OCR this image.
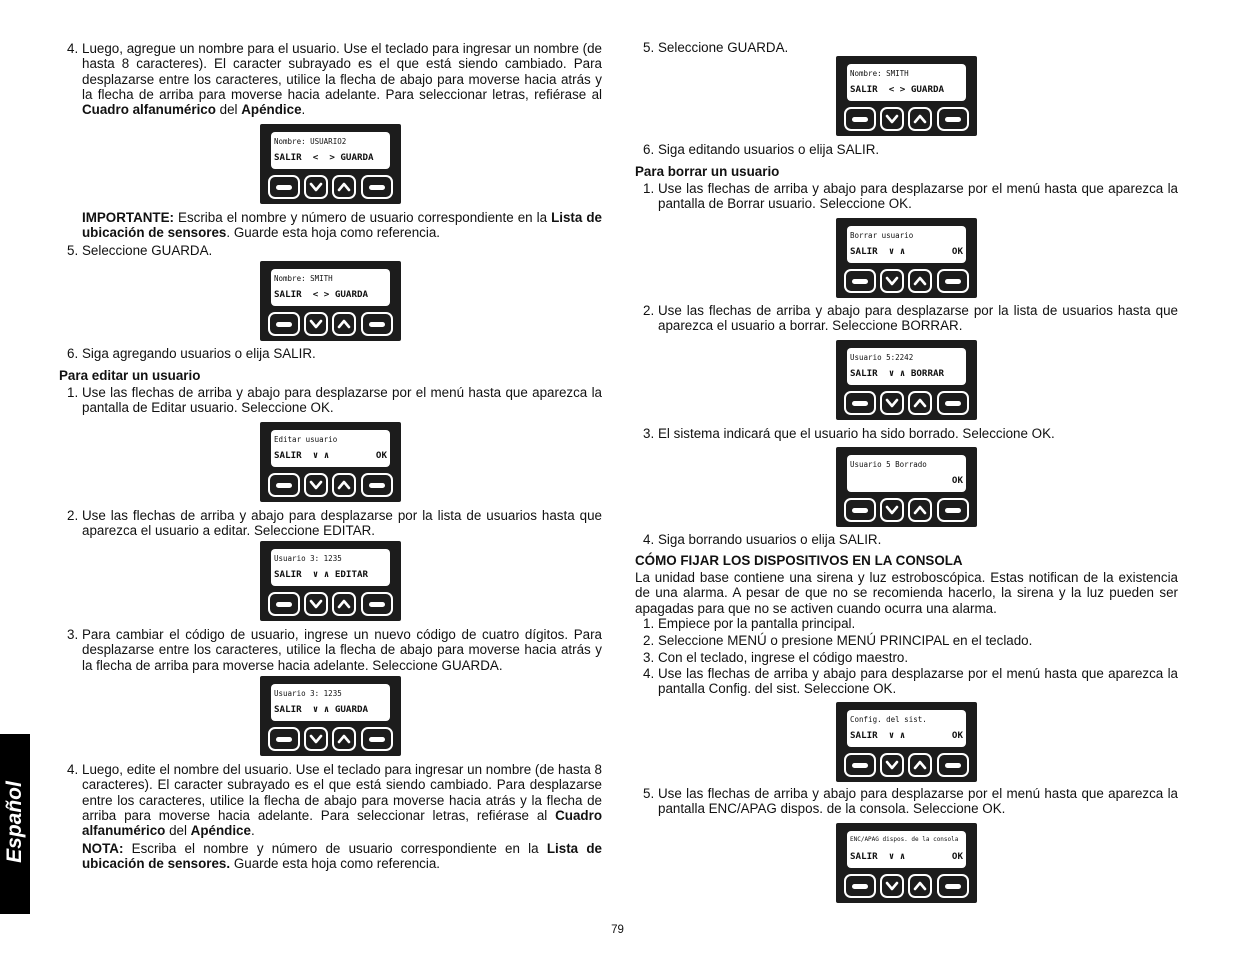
4. Luego, agregue un nombre para el usuario. Use el teclado para ingresar un nombre (de hasta 8 caracteres). El caracter subrayado es el que está siendo cambiado. Para desplazarse entre los caracteres, utilice la flecha de abajo para moverse hacia atrás y la flecha de arriba para moverse hacia adelante. Para seleccionar letras, refiérase al Cuadro alfanumérico del Apéndice.

Nombre: USUARIO2
SALIR  <  > GUARDA

IMPORTANTE: Escriba el nombre y número de usuario correspondiente en la Lista de ubicación de sensores. Guarde esta hoja como referencia.

5. Seleccione GUARDA.

Nombre: SMITH
SALIR  < > GUARDA
6. Siga agregando usuarios o elija SALIR.

Para editar un usuario
1. Use las flechas de arriba y abajo para desplazarse por el menú hasta que aparezca la pantalla de Editar usuario. Seleccione OK.

Editar usuario
SALIR  ∨ ∧	OK
2. Use las flechas de arriba y abajo para desplazarse por la lista de usuarios hasta que aparezca el usuario a editar. Seleccione EDITAR.

Usuario 3: 1235
SALIR  ∨ ∧ EDITAR
3. Para cambiar el código de usuario, ingrese un nuevo código de cuatro dígitos. Para desplazarse entre los caracteres, utilice la flecha de abajo para moverse hacia atrás y la flecha de arriba para moverse hacia adelante. Seleccione GUARDA.

Usuario 3: 1235
SALIR  ∨ ∧ GUARDA
4. Luego, edite el nombre del usuario. Use el teclado para ingresar un nombre (de hasta 8 caracteres). El caracter subrayado es el que está siendo cambiado. Para desplazarse entre los caracteres, utilice la flecha de abajo para moverse hacia atrás y la flecha de arriba para moverse hacia adelante. Para seleccionar letras, refiérase al Cuadro alfanumérico del Apéndice.

NOTA: Escriba el nombre y número de usuario correspondiente en la Lista de ubicación de sensores. Guarde esta hoja como referencia.

5. Seleccione GUARDA.

Nombre: SMITH
SALIR  < > GUARDA
6. Siga editando usuarios o elija SALIR.

Para borrar un usuario
1. Use las flechas de arriba y abajo para desplazarse por el menú hasta que aparezca la pantalla de Borrar usuario. Seleccione OK.

Borrar usuario
SALIR  ∨ ∧	OK
2. Use las flechas de arriba y abajo para desplazarse por la lista de usuarios hasta que aparezca el usuario a borrar. Seleccione BORRAR.

Usuario 5:2242
SALIR  ∨ ∧ BORRAR
3. El sistema indicará que el usuario ha sido borrado. Seleccione OK.

Usuario 5 Borrado
OK
4. Siga borrando usuarios o elija SALIR.

CÓMO FIJAR LOS DISPOSITIVOS EN LA CONSOLA

La unidad base contiene una sirena y luz estroboscópica. Estas notifican de la existencia de una alarma. A pesar de que no se recomienda hacerlo, la sirena y la luz pueden ser apagadas para que no se activen cuando ocurra una alarma.

1. Empiece por la pantalla principal.

2. Seleccione MENÚ o presione MENÚ PRINCIPAL en el teclado.

3. Con el teclado, ingrese el código maestro.

4. Use las flechas de arriba y abajo para desplazarse por el menú hasta que aparezca la pantalla Config. del sist. Seleccione OK.

Config. del sist.
SALIR  ∨ ∧	OK
5. Use las flechas de arriba y abajo para desplazarse por el menú hasta que aparezca la pantalla ENC/APAG dispos. de la consola. Seleccione OK.

ENC/APAG dispos. de la consola
SALIR  ∨ ∧	OK
Español
79
